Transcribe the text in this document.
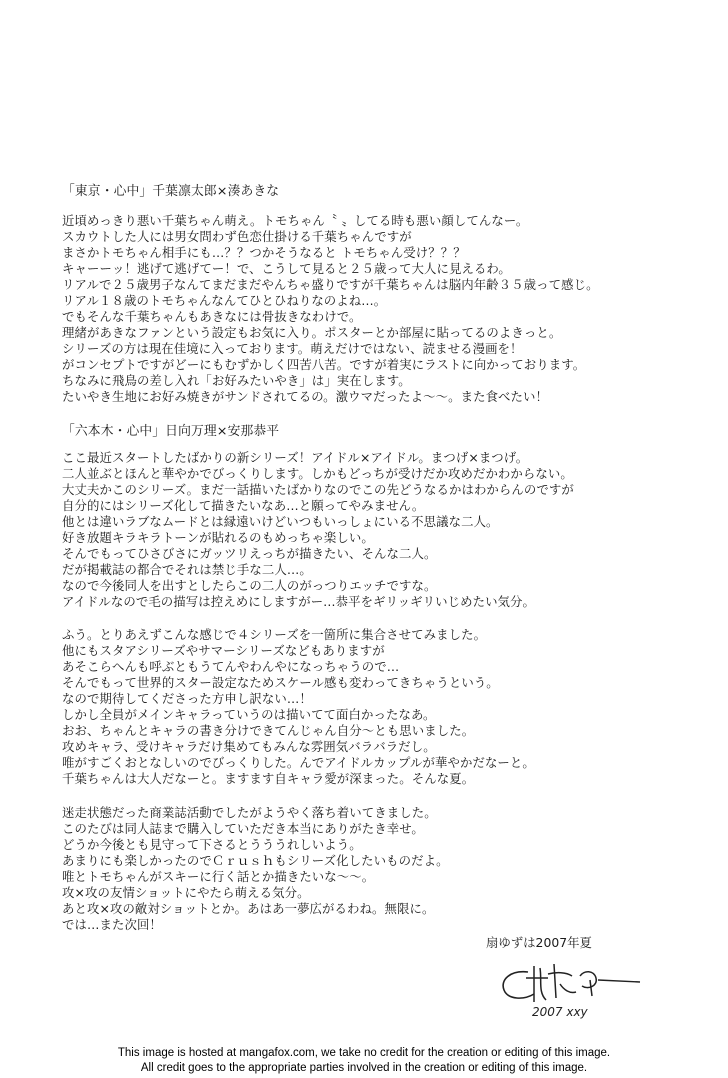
「東京・心中」千葉凛太郎×湊あきな
近頃めっきり悪い千葉ちゃん萌え。トモちゃん〝 〟してる時も悪い顔してんなー。
スカウトした人には男女問わず色恋仕掛ける千葉ちゃんですが
まさかトモちゃん相手にも…？？つかそうなると トモちゃん受け？？？
キャーーッ！逃げて逃げてー！で、こうして見ると２５歳って大人に見えるわ。
リアルで２５歳男子なんてまだまだやんちゃ盛りですが千葉ちゃんは脳内年齢３５歳って感じ。
リアル１８歳のトモちゃんなんてひとひねりなのよね…。
でもそんな千葉ちゃんもあきなには骨抜きなわけで。
理緒があきなファンという設定もお気に入り。ポスターとか部屋に貼ってるのよきっと。
シリーズの方は現在佳境に入っております。萌えだけではない、読ませる漫画を！
がコンセプトですがどーにもむずかしく四苦八苦。ですが着実にラストに向かっております。
ちなみに飛鳥の差し入れ「お好みたいやき」は」実在します。
たいやき生地にお好み焼きがサンドされてるの。激ウマだったよ～～。また食べたい！
「六本木・心中」日向万理×安那恭平
ここ最近スタートしたばかりの新シリーズ！アイドル×アイドル。まつげ×まつげ。
二人並ぶとほんと華やかでびっくりします。しかもどっちが受けだか攻めだかわからない。
大丈夫かこのシリーズ。まだ一話描いたばかりなのでこの先どうなるかはわからんのですが
自分的にはシリーズ化して描きたいなあ…と願ってやみません。
他とは違いラブなムードとは縁遠いけどいつもいっしょにいる不思議な二人。
好き放題キラキラトーンが貼れるのもめっちゃ楽しい。
そんでもってひさびさにガッツリえっちが描きたい、そんな二人。
だが掲載誌の都合でそれは禁じ手な二人…。
なので今後同人を出すとしたらこの二人のがっつりエッチですな。
アイドルなので毛の描写は控えめにしますがー…恭平をギリッギリいじめたい気分。
ふう。とりあえずこんな感じで４シリーズを一箇所に集合させてみました。
他にもスタアシリーズやサマーシリーズなどもありますが
あそこらへんも呼ぶともうてんやわんやになっちゃうので…
そんでもって世界的スター設定なためスケール感も変わってきちゃうという。
なので期待してくださった方申し訳ない…！
しかし全員がメインキャラっていうのは描いてて面白かったなあ。
おお、ちゃんとキャラの書き分けできてんじゃん自分～とも思いました。
攻めキャラ、受けキャラだけ集めてもみんな雰囲気バラバラだし。
唯がすごくおとなしいのでびっくりした。んでアイドルカップルが華やかだなーと。
千葉ちゃんは大人だなーと。ますます自キャラ愛が深まった。そんな夏。
迷走状態だった商業誌活動でしたがようやく落ち着いてきました。
このたびは同人誌まで購入していただき本当にありがたき幸せ。
どうか今後とも見守って下さるとうううれしいよう。
あまりにも楽しかったのでＣｒｕｓｈもシリーズ化したいものだよ。
唯とトモちゃんがスキーに行く話とか描きたいな～～。
攻×攻の友情ショットにやたら萌える気分。
あと攻×攻の敵対ショットとか。あはあ一夢広がるわね。無限に。
では…また次回！
扇ゆずは2007年夏
2007 xxy
This image is hosted at mangafox.com, we take no credit for the creation or editing of this image.
All credit goes to the appropriate parties involved in the creation or editing of this image.
